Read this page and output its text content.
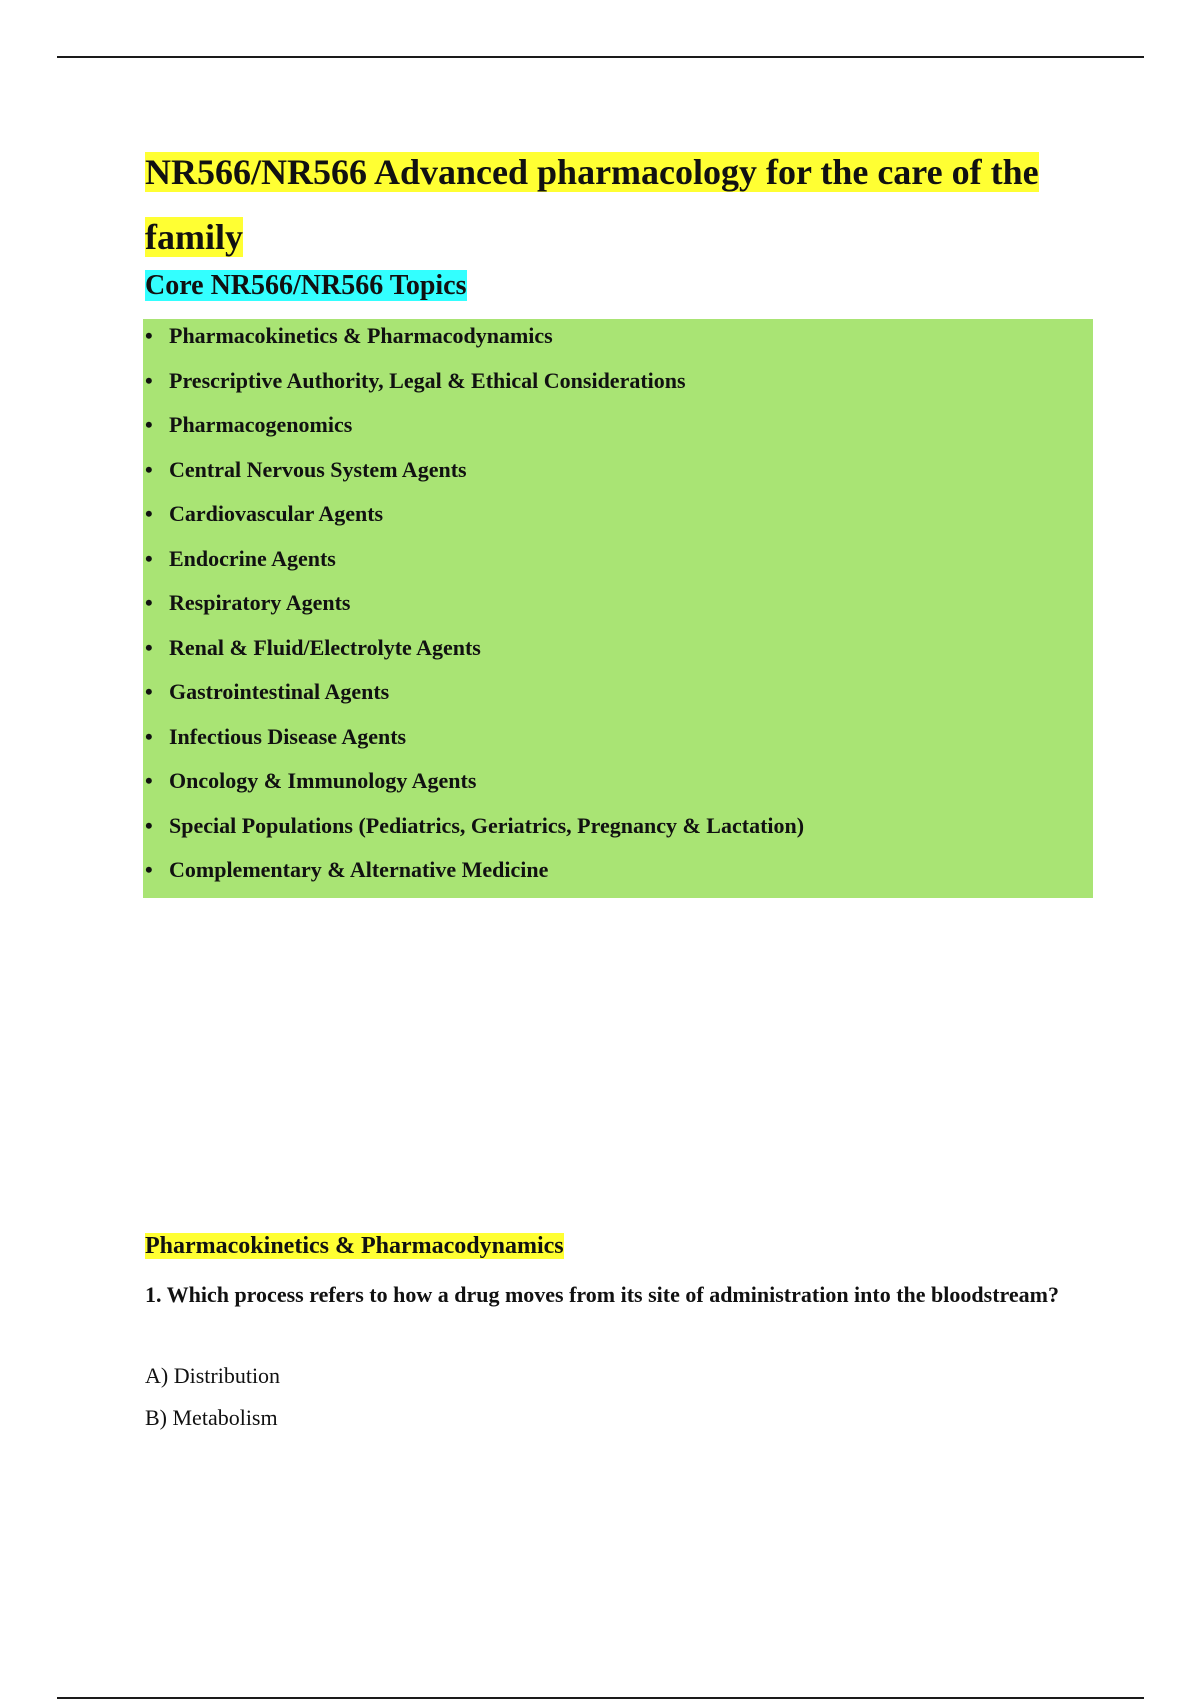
NR566/NR566 Advanced pharmacology for the care of the family
Core NR566/NR566 Topics
• Pharmacokinetics & Pharmacodynamics
• Prescriptive Authority, Legal & Ethical Considerations
• Pharmacogenomics
• Central Nervous System Agents
• Cardiovascular Agents
• Endocrine Agents
• Respiratory Agents
• Renal & Fluid/Electrolyte Agents
• Gastrointestinal Agents
• Infectious Disease Agents
• Oncology & Immunology Agents
• Special Populations (Pediatrics, Geriatrics, Pregnancy & Lactation)
• Complementary & Alternative Medicine
Pharmacokinetics & Pharmacodynamics

1. Which process refers to how a drug moves from its site of administration into the bloodstream?

A) Distribution

B) Metabolism
